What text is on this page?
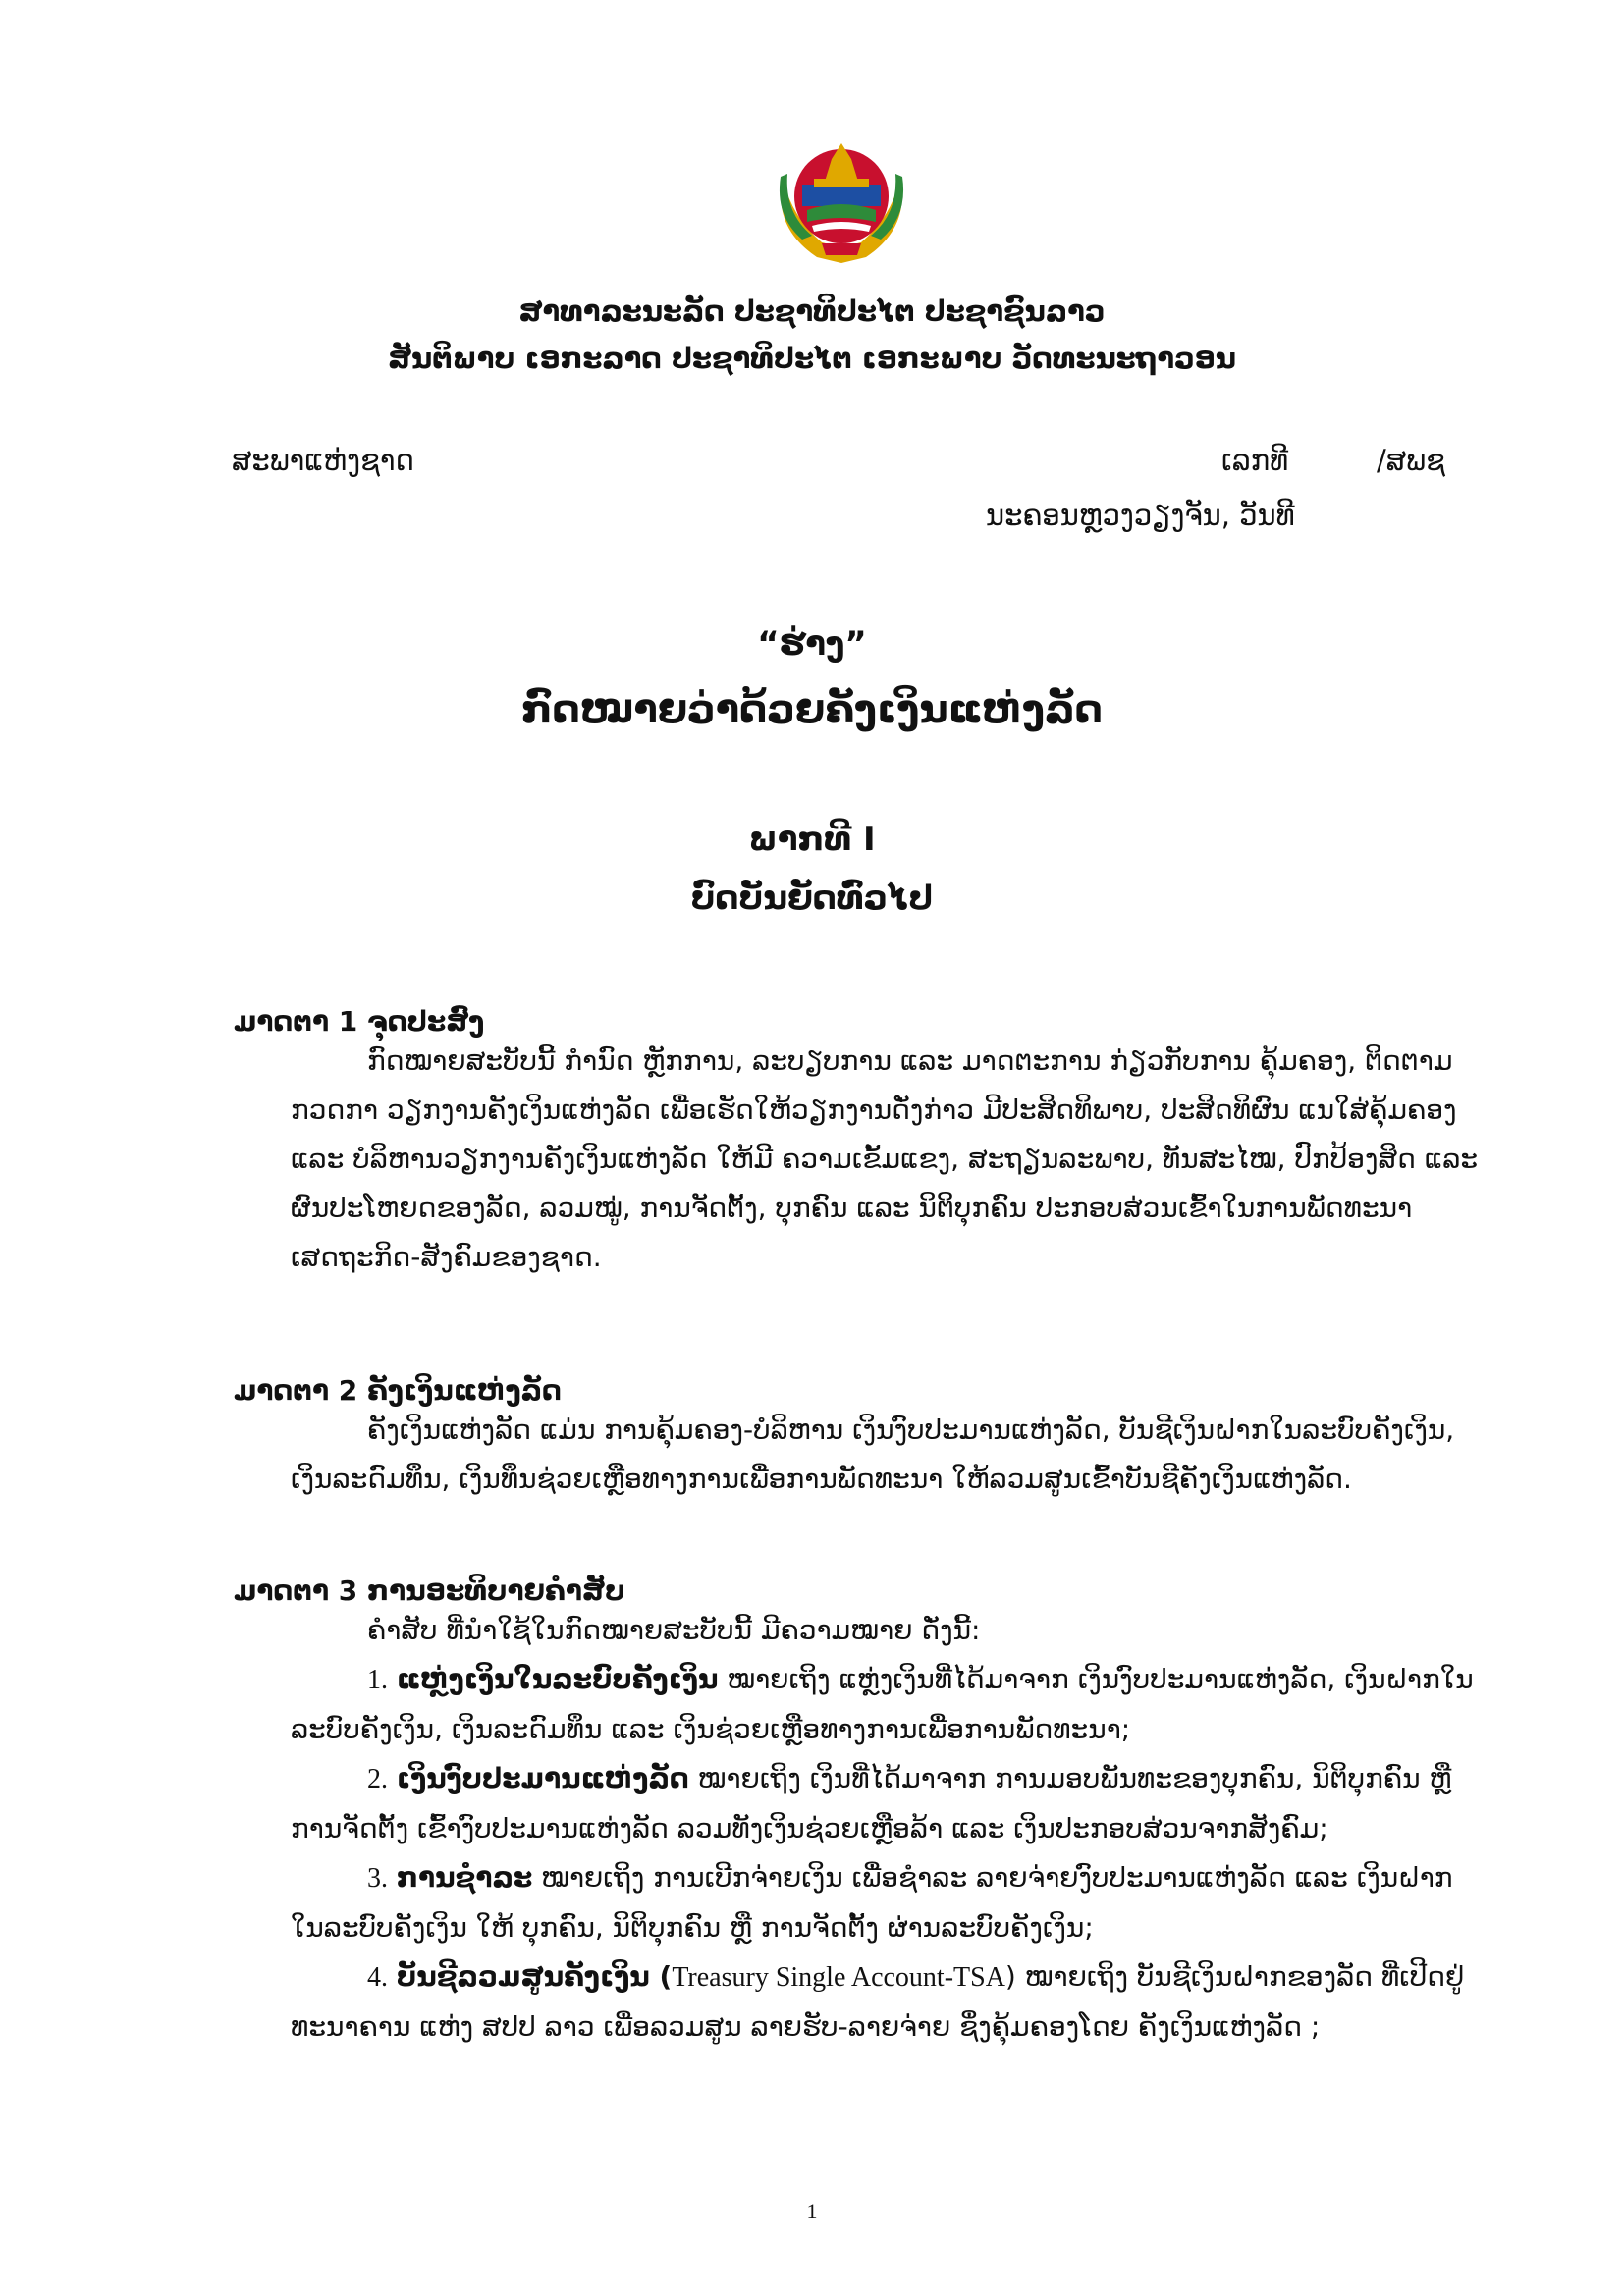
ສາທາລະນະລັດ ປະຊາທິປະໄຕ ປະຊາຊົນລາວ
ສັນຕິພາບ ເອກະລາດ ປະຊາທິປະໄຕ ເອກະພາບ ວັດທະນະຖາວອນ
ສະພາແຫ່ງຊາດ	ເລກທີ	/ສພຊ
ນະຄອນຫຼວງວຽງຈັນ, ວັນທີ
“ຮ່າງ”
ກົດໝາຍວ່າດ້ວຍຄັງເງິນແຫ່ງລັດ
ພາກທີ I
ບົດບັນຍັດທົ່ວໄປ
ມາດຕາ 1 ຈຸດປະສົງ
ກົດໝາຍສະບັບນີ້ ກຳນົດ ຫຼັກການ, ລະບຽບການ ແລະ ມາດຕະການ ກ່ຽວກັບການ ຄຸ້ມຄອງ, ຕິດຕາມ ກວດກາ ວຽກງານຄັງເງິນແຫ່ງລັດ ເພື່ອເຮັດໃຫ້ວຽກງານດັ່ງກ່າວ ມີປະສິດທິພາບ, ປະສິດທິຜົນ ແນໃສ່ຄຸ້ມຄອງ ແລະ ບໍລິຫານວຽກງານຄັງເງິນແຫ່ງລັດ ໃຫ້ມີ ຄວາມເຂັ້ມແຂງ, ສະຖຽນລະພາບ, ທັນສະໄໝ, ປົກປ້ອງສິດ ແລະ ຜົນປະໂຫຍດຂອງລັດ, ລວມໝູ່, ການຈັດຕັ້ງ, ບຸກຄົນ ແລະ ນິຕິບຸກຄົນ ປະກອບສ່ວນເຂົ້າໃນການພັດທະນາ ເສດຖະກິດ-ສັງຄົມຂອງຊາດ.
ມາດຕາ 2 ຄັງເງິນແຫ່ງລັດ
ຄັງເງິນແຫ່ງລັດ ແມ່ນ ການຄຸ້ມຄອງ-ບໍລິຫານ ເງິນງົບປະມານແຫ່ງລັດ, ບັນຊີເງິນຝາກໃນລະບົບຄັງເງິນ, ເງິນລະດົມທຶນ, ເງິນທຶນຊ່ວຍເຫຼືອທາງການເພື່ອການພັດທະນາ ໃຫ້ລວມສູນເຂົ້າບັນຊີຄັງເງິນແຫ່ງລັດ.
ມາດຕາ 3 ການອະທິບາຍຄຳສັບ
ຄຳສັບ ທີ່ນຳໃຊ້ໃນກົດໝາຍສະບັບນີ້ ມີຄວາມໝາຍ ດັ່ງນີ້:
1. ແຫຼ່ງເງິນໃນລະບົບຄັງເງິນ ໝາຍເຖິງ ແຫຼ່ງເງິນທີ່ໄດ້ມາຈາກ ເງິນງົບປະມານແຫ່ງລັດ, ເງິນຝາກໃນ ລະບົບຄັງເງິນ, ເງິນລະດົມທຶນ ແລະ ເງິນຊ່ວຍເຫຼືອທາງການເພື່ອການພັດທະນາ;
2. ເງິນງົບປະມານແຫ່ງລັດ ໝາຍເຖິງ ເງິນທີ່ໄດ້ມາຈາກ ການມອບພັນທະຂອງບຸກຄົນ, ນິຕິບຸກຄົນ ຫຼື ການຈັດຕັ້ງ ເຂົ້າງົບປະມານແຫ່ງລັດ ລວມທັງເງິນຊ່ວຍເຫຼືອລ້າ ແລະ ເງິນປະກອບສ່ວນຈາກສັງຄົມ;
3. ການຊຳລະ ໝາຍເຖິງ ການເບີກຈ່າຍເງິນ ເພື່ອຊຳລະ ລາຍຈ່າຍງົບປະມານແຫ່ງລັດ ແລະ ເງິນຝາກ ໃນລະບົບຄັງເງິນ ໃຫ້ ບຸກຄົນ, ນິຕິບຸກຄົນ ຫຼື ການຈັດຕັ້ງ ຜ່ານລະບົບຄັງເງິນ;
4. ບັນຊີລວມສູນຄັງເງິນ (Treasury Single Account-TSA) ໝາຍເຖິງ ບັນຊີເງິນຝາກຂອງລັດ ທີ່ເປີດຢູ່ ທະນາຄານ ແຫ່ງ ສປປ ລາວ ເພື່ອລວມສູນ ລາຍຮັບ-ລາຍຈ່າຍ ຊຶ່ງຄຸ້ມຄອງໂດຍ ຄັງເງິນແຫ່ງລັດ ;
1
